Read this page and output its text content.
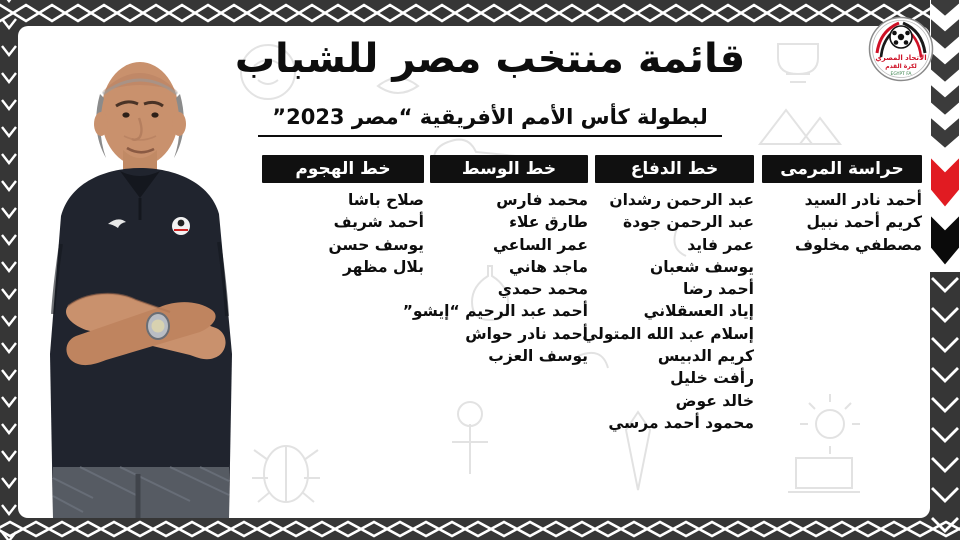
قائمة منتخب مصر للشباب

لبطولة كأس الأمم الأفريقية “مصر 2023”
خط الهجوم
صلاح باشا
أحمد شريف
يوسف حسن
بلال مظهر
خط الوسط
محمد فارس
طارق علاء
عمر الساعي
ماجد هاني
محمد حمدي
أحمد عبد الرحيم “إيشو”
أحمد نادر حواش
يوسف العزب
خط الدفاع
عبد الرحمن رشدان
عبد الرحمن جودة
عمر فايد
يوسف شعبان
أحمد رضا
إياد العسقلاني
إسلام عبد الله المتولي
كريم الدبيس
رأفت خليل
خالد عوض
محمود أحمد مرسي
حراسة المرمى
أحمد نادر السيد
كريم أحمد نبيل
مصطفي مخلوف
الاتحاد المصري
لكرة القدم
EGYPT FA
